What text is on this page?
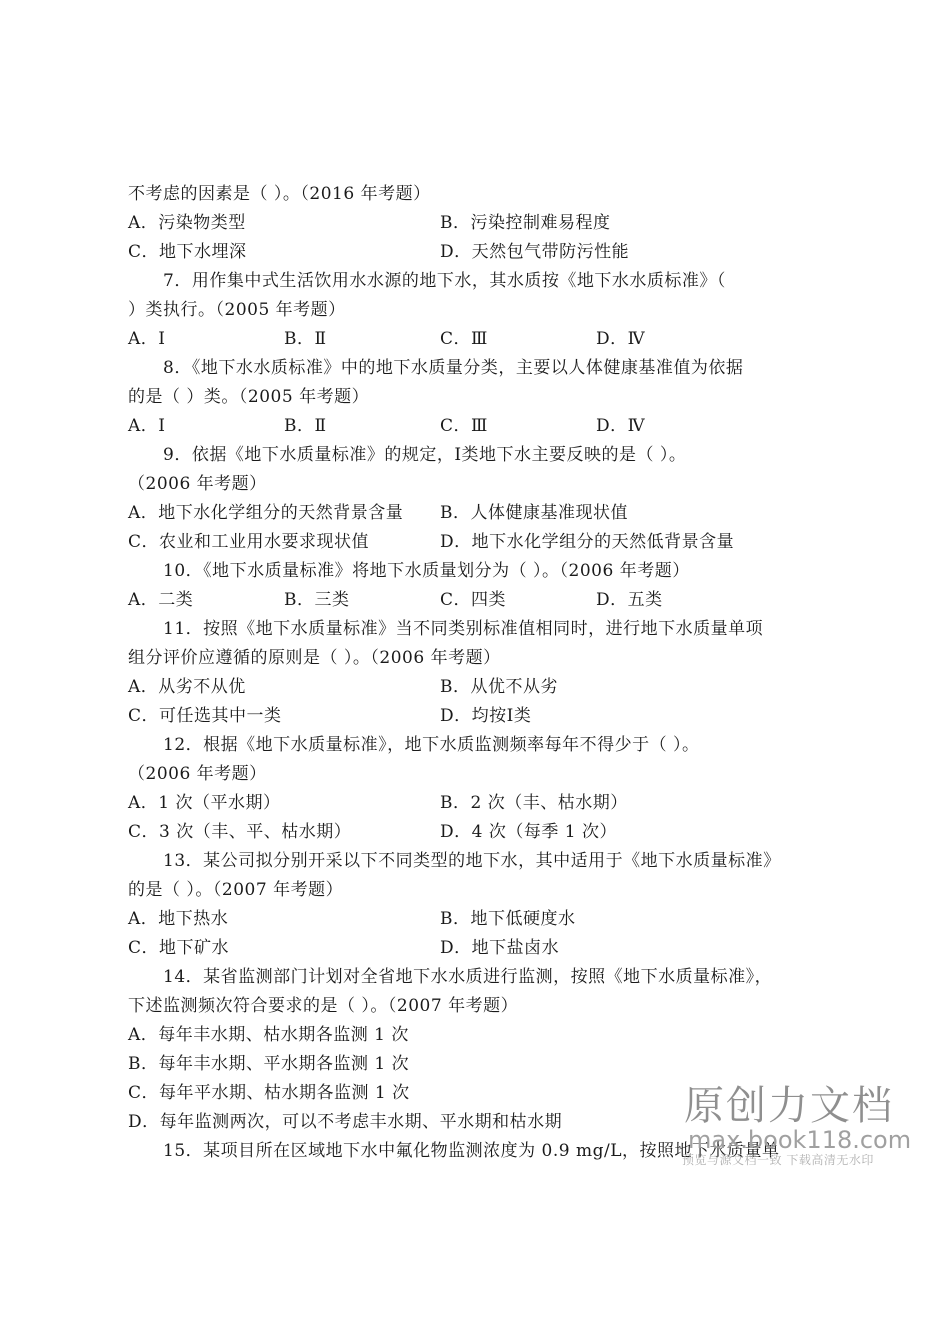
不考虑的因素是（ ）。（2016 年考题）
A．污染物类型	B．污染控制难易程度
C．地下水埋深	D．天然包气带防污性能
7．用作集中式生活饮用水水源的地下水，其水质按《地下水水质标准》（
）类执行。（2005 年考题）
A．Ⅰ	B．Ⅱ	C．Ⅲ	D．Ⅳ
8．《地下水水质标准》中的地下水质量分类，主要以人体健康基准值为依据
的是（ ）类。（2005 年考题）
A．Ⅰ	B．Ⅱ	C．Ⅲ	D．Ⅳ
9．依据《地下水质量标准》的规定，Ⅰ类地下水主要反映的是（ ）。
（2006 年考题）
A．地下水化学组分的天然背景含量 B．人体健康基准现状值
C．农业和工业用水要求现状值	D．地下水化学组分的天然低背景含量
10．《地下水质量标准》将地下水质量划分为（ ）。（2006 年考题）
A．二类	B．三类	C．四类	D．五类
11．按照《地下水质量标准》当不同类别标准值相同时，进行地下水质量单项
组分评价应遵循的原则是（ ）。（2006 年考题）
A．从劣不从优	B．从优不从劣
C．可任选其中一类	D．均按Ⅰ类
12．根据《地下水质量标准》，地下水质监测频率每年不得少于（ ）。
（2006 年考题）
A．1 次（平水期）	B．2 次（丰、枯水期）
C．3 次（丰、平、枯水期）	D．4 次（每季 1 次）
13．某公司拟分别开采以下不同类型的地下水，其中适用于《地下水质量标准》
的是（ ）。（2007 年考题）
A．地下热水	B．地下低硬度水
C．地下矿水	D．地下盐卤水
14．某省监测部门计划对全省地下水水质进行监测，按照《地下水质量标准》，
下述监测频次符合要求的是（ ）。（2007 年考题）
A．每年丰水期、枯水期各监测 1 次
B．每年丰水期、平水期各监测 1 次
C．每年平水期、枯水期各监测 1 次
D．每年监测两次，可以不考虑丰水期、平水期和枯水期
15．某项目所在区域地下水中氟化物监测浓度为 0.9 mg/L，按照地下水质量单
原创力文档
max.book118.com
预览与源文档一致 下载高清无水印
